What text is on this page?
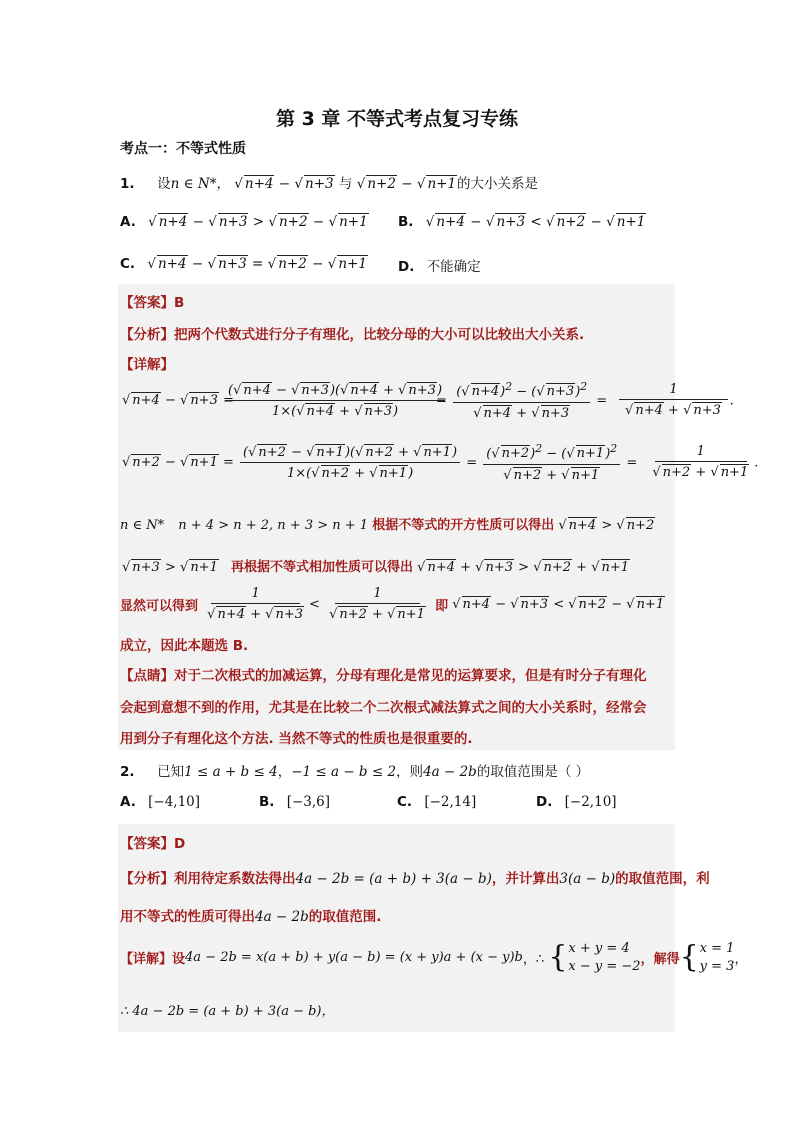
第 3 章 不等式考点复习专练
考点一：不等式性质
1. 设n ∈ N*， √ n+4 − √ n+3 与 √ n+2 − √ n+1的大小关系是
A. √ n+4 − √ n+3 > √ n+2 − √ n+1 B. √ n+4 − √ n+3 < √ n+2 − √ n+1
C. √ n+4 − √ n+3 = √ n+2 − √ n+1 D. 不能确定
【答案】B
【分析】把两个代数式进行分子有理化，比较分母的大小可以比较出大小关系.
【详解】
√ n+4 − √ $n+3 = \frac{(√ n+4 - √ n+3)(√ n+4 + √ n+3)}{1\times(√ n+4 + √ n+3)} = \frac{(√ n+4)^2 - (√ n+3)^2}{√ n+4 + √ n+3} = \frac{1}{√ n+4 + √ n+3}$ .
√ n+2 − √ $n+1 = \frac{(√ n+2 - √ n+1)(√ n+2 + √ n+1)}{1\times(√ n+2 + √ n+1)} = \frac{(√ n+2)^2 - (√ n+1)^2}{√ n+2 + √ n+1} = \frac{1}{√ n+2 + √ n+1}$ .
n ∈ N* n + 4 > n + 2, n + 3 > n + 1 根据不等式的开方性质可以得出 √ n+4 > √ n+2
√ n+3 > √ n+1 再根据不等式相加性质可以得出 √ n+4 + √ n+3 > √ n+2 + √ n+1
显然可以得到 $\frac{1}{√ n+4 + √ n+3} < \frac{1}{√ n+2 + √ n+1}$ 即 √ n+4 − √ n+3 < √ n+2 − √ n+1
成立，因此本题选 B.
【点睛】对于二次根式的加减运算，分母有理化是常见的运算要求，但是有时分子有理化
会起到意想不到的作用，尤其是在比较二个二次根式减法算式之间的大小关系时，经常会
用到分子有理化这个方法. 当然不等式的性质也是很重要的.
2. 已知1 ≤ a + b ≤ 4，−1 ≤ a − b ≤ 2，则4a − 2b的取值范围是（ ）
A. [−4,10]	B. [−3,6]	C. [−2,14]	D. [−2,10]
【答案】D
【分析】利用待定系数法得出4a − 2b = (a + b) + 3(a − b)，并计算出3(a − b)的取值范围，利
用不等式的性质可得出4a − 2b的取值范围.
【详解】设4a − 2b = x(a + b) + y(a − b) = (x + y)a + (x − y)b，∴ { x + y = 4
x − y = −2 ，解得{ x = 1
y = 3 ，
∴ 4a − 2b = (a + b) + 3(a − b)，
